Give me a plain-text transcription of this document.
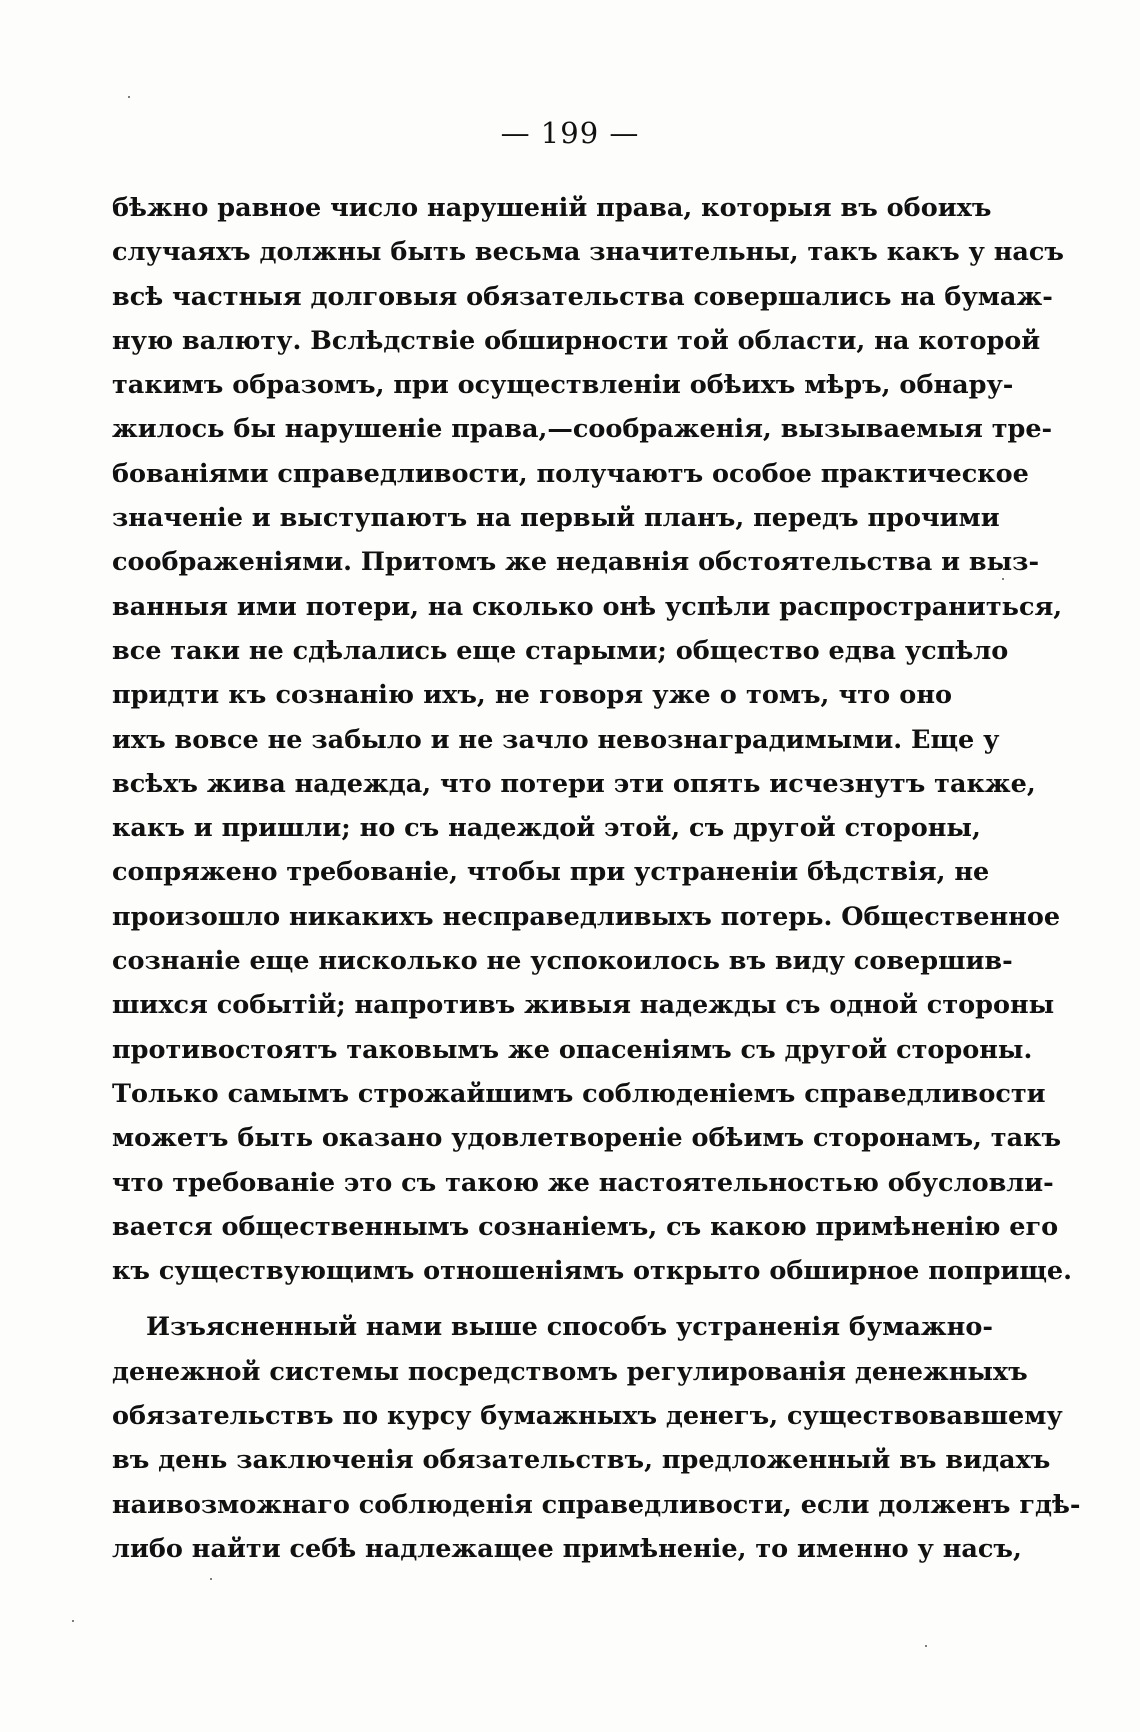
— 199 —
бѣжно равное число нарушеній права, которыя въ обоихъ
случаяхъ должны быть весьма значительны, такъ какъ у насъ
всѣ частныя долговыя обязательства совершались на бумаж-
ную валюту. Вслѣдствіе обширности той области, на которой
такимъ образомъ, при осуществленіи обѣихъ мѣръ, обнару-
жилось бы нарушеніе права,—соображенія, вызываемыя тре-
бованіями справедливости, получаютъ особое практическое
значеніе и выступаютъ на первый планъ, передъ прочими
соображеніями. Притомъ же недавнія обстоятельства и выз-
ванныя ими потери, на сколько онѣ успѣли распространиться,
все таки не сдѣлались еще старыми; общество едва успѣло
придти къ сознанію ихъ, не говоря уже о томъ, что оно
ихъ вовсе не забыло и не зачло невознаградимыми. Еще у
всѣхъ жива надежда, что потери эти опять исчезнутъ также,
какъ и пришли; но съ надеждой этой, съ другой стороны,
сопряжено требованіе, чтобы при устраненіи бѣдствія, не
произошло никакихъ несправедливыхъ потерь. Общественное
сознаніе еще нисколько не успокоилось въ виду совершив-
шихся событій; напротивъ живыя надежды съ одной стороны
противостоятъ таковымъ же опасеніямъ съ другой стороны.
Только самымъ строжайшимъ соблюденіемъ справедливости
можетъ быть оказано удовлетвореніе обѣимъ сторонамъ, такъ
что требованіе это съ такою же настоятельностью обусловли-
вается общественнымъ сознаніемъ, съ какою примѣненію его
къ существующимъ отношеніямъ открыто обширное поприще.
Изъясненный нами выше способъ устраненія бумажно-
денежной системы посредствомъ регулированія денежныхъ
обязательствъ по курсу бумажныхъ денегъ, существовавшему
въ день заключенія обязательствъ, предложенный въ видахъ
наивозможнаго соблюденія справедливости, если долженъ гдѣ-
либо найти себѣ надлежащее примѣненіе, то именно у насъ,
